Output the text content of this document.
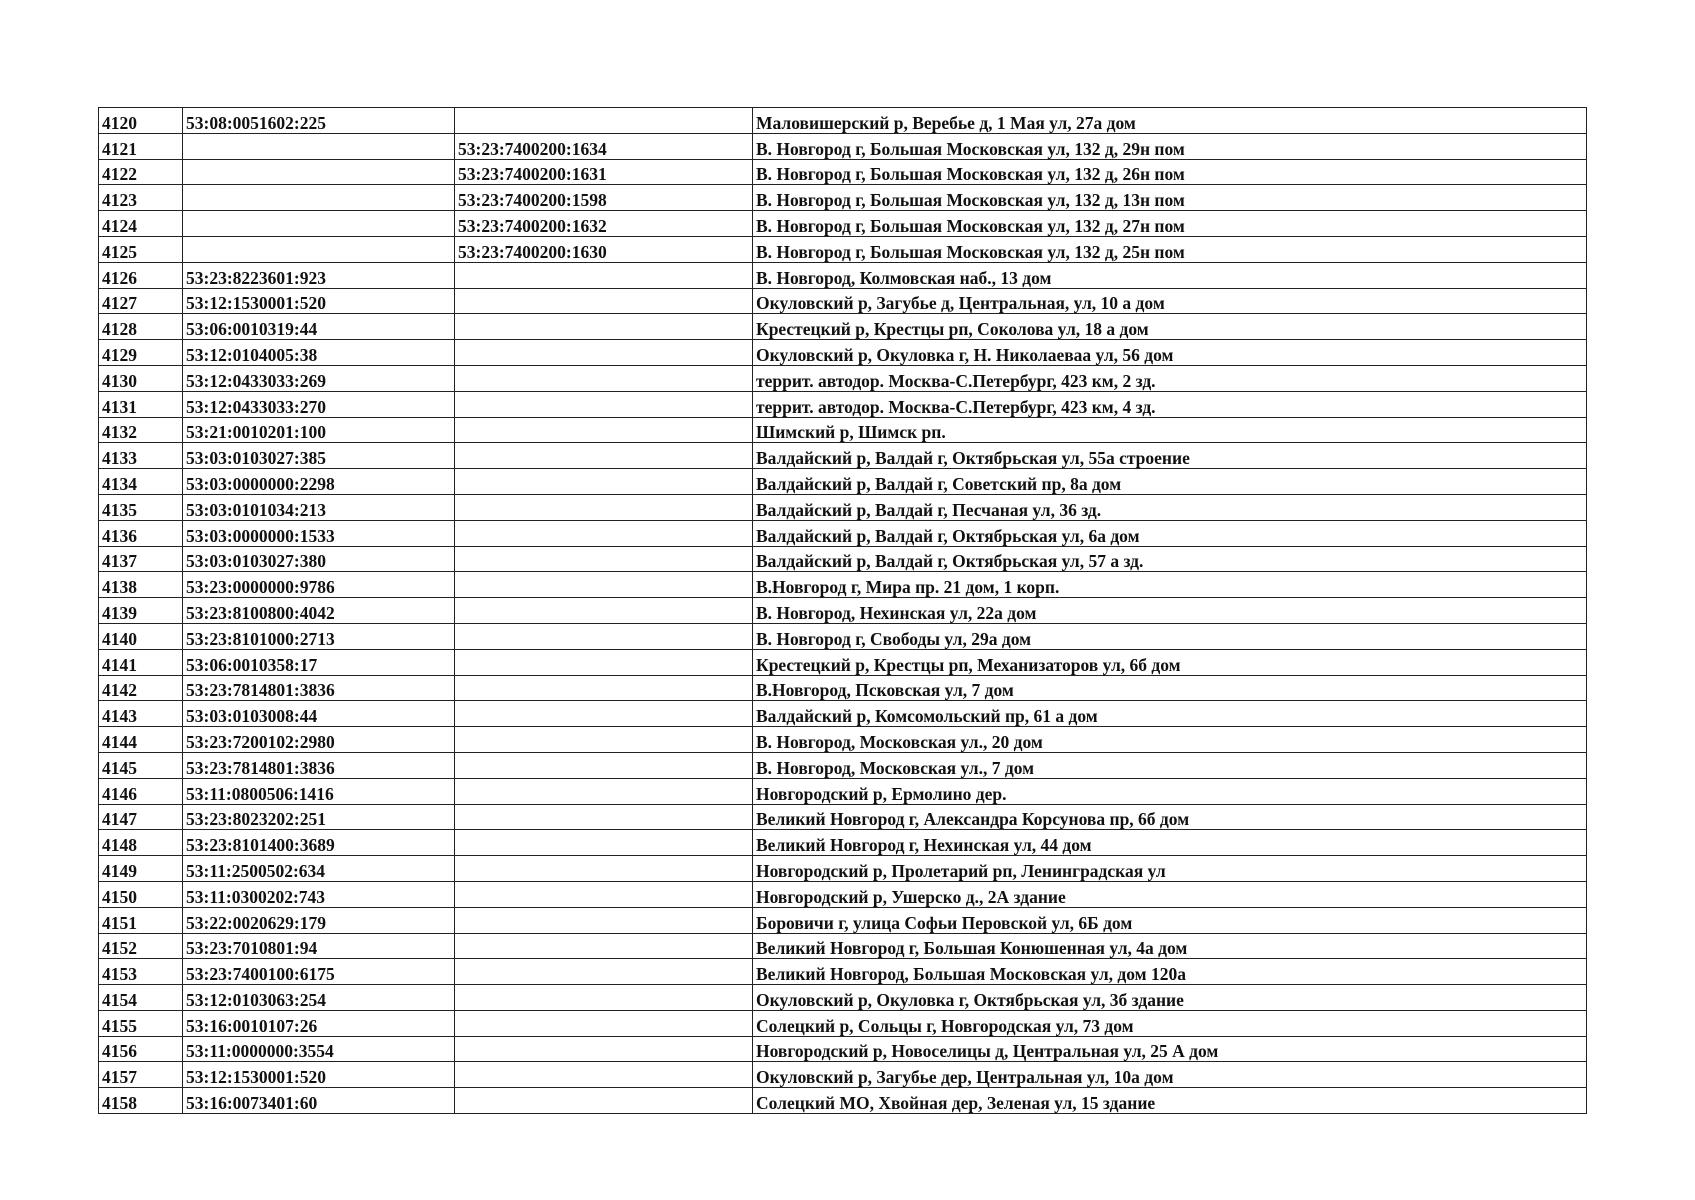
4120	53:08:0051602:225		Маловишерский р, Веребье д, 1 Мая ул, 27а дом
4121		53:23:7400200:1634	В. Новгород г, Большая Московская ул, 132 д, 29н пом
4122		53:23:7400200:1631	В. Новгород г, Большая Московская ул, 132 д, 26н пом
4123		53:23:7400200:1598	В. Новгород г, Большая Московская ул, 132 д, 13н пом
4124		53:23:7400200:1632	В. Новгород г, Большая Московская ул, 132 д, 27н пом
4125		53:23:7400200:1630	В. Новгород г, Большая Московская ул, 132 д, 25н пом
4126	53:23:8223601:923		В. Новгород, Колмовская наб., 13 дом
4127	53:12:1530001:520		Окуловский р, Загубье д, Центральная, ул, 10 а дом
4128	53:06:0010319:44		Крестецкий р, Крестцы рп, Соколова ул, 18 а дом
4129	53:12:0104005:38		Окуловский р, Окуловка г, Н. Николаеваа ул, 56 дом
4130	53:12:0433033:269		террит. автодор. Москва-С.Петербург, 423 км, 2 зд.
4131	53:12:0433033:270		террит. автодор. Москва-С.Петербург, 423 км, 4 зд.
4132	53:21:0010201:100		Шимский р, Шимск рп.
4133	53:03:0103027:385		Валдайский р, Валдай г, Октябрьская ул, 55а строение
4134	53:03:0000000:2298		Валдайский р, Валдай г, Советский пр, 8а дом
4135	53:03:0101034:213		Валдайский р, Валдай г, Песчаная ул, 36 зд.
4136	53:03:0000000:1533		Валдайский р, Валдай г, Октябрьская ул, 6а дом
4137	53:03:0103027:380		Валдайский р, Валдай г, Октябрьская ул, 57 а зд.
4138	53:23:0000000:9786		В.Новгород г, Мира пр. 21 дом, 1 корп.
4139	53:23:8100800:4042		В. Новгород, Нехинская ул, 22а дом
4140	53:23:8101000:2713		В. Новгород г, Свободы ул, 29а дом
4141	53:06:0010358:17		Крестецкий р, Крестцы рп, Механизаторов ул, 6б дом
4142	53:23:7814801:3836		В.Новгород, Псковская ул, 7 дом
4143	53:03:0103008:44		Валдайский р, Комсомольский пр, 61 а дом
4144	53:23:7200102:2980		В. Новгород, Московская ул., 20 дом
4145	53:23:7814801:3836		В. Новгород, Московская ул., 7 дом
4146	53:11:0800506:1416		Новгородский р, Ермолино дер.
4147	53:23:8023202:251		Великий Новгород г, Александра Корсунова пр, 6б дом
4148	53:23:8101400:3689		Великий Новгород г, Нехинская ул, 44 дом
4149	53:11:2500502:634		Новгородский р, Пролетарий рп, Ленинградская ул
4150	53:11:0300202:743		Новгородский р, Ушерско д., 2А здание
4151	53:22:0020629:179		Боровичи г, улица Софьи Перовской ул, 6Б дом
4152	53:23:7010801:94		Великий Новгород г, Большая Конюшенная ул, 4а дом
4153	53:23:7400100:6175		Великий Новгород, Большая Московская ул, дом 120а
4154	53:12:0103063:254		Окуловский р, Окуловка г, Октябрьская ул, 3б здание
4155	53:16:0010107:26		Солецкий р, Сольцы г, Новгородская ул, 73 дом
4156	53:11:0000000:3554		Новгородский р, Новоселицы д, Центральная ул, 25 А дом
4157	53:12:1530001:520		Окуловский р, Загубье дер, Центральная ул, 10а дом
4158	53:16:0073401:60		Солецкий МО, Хвойная дер, Зеленая ул, 15 здание
